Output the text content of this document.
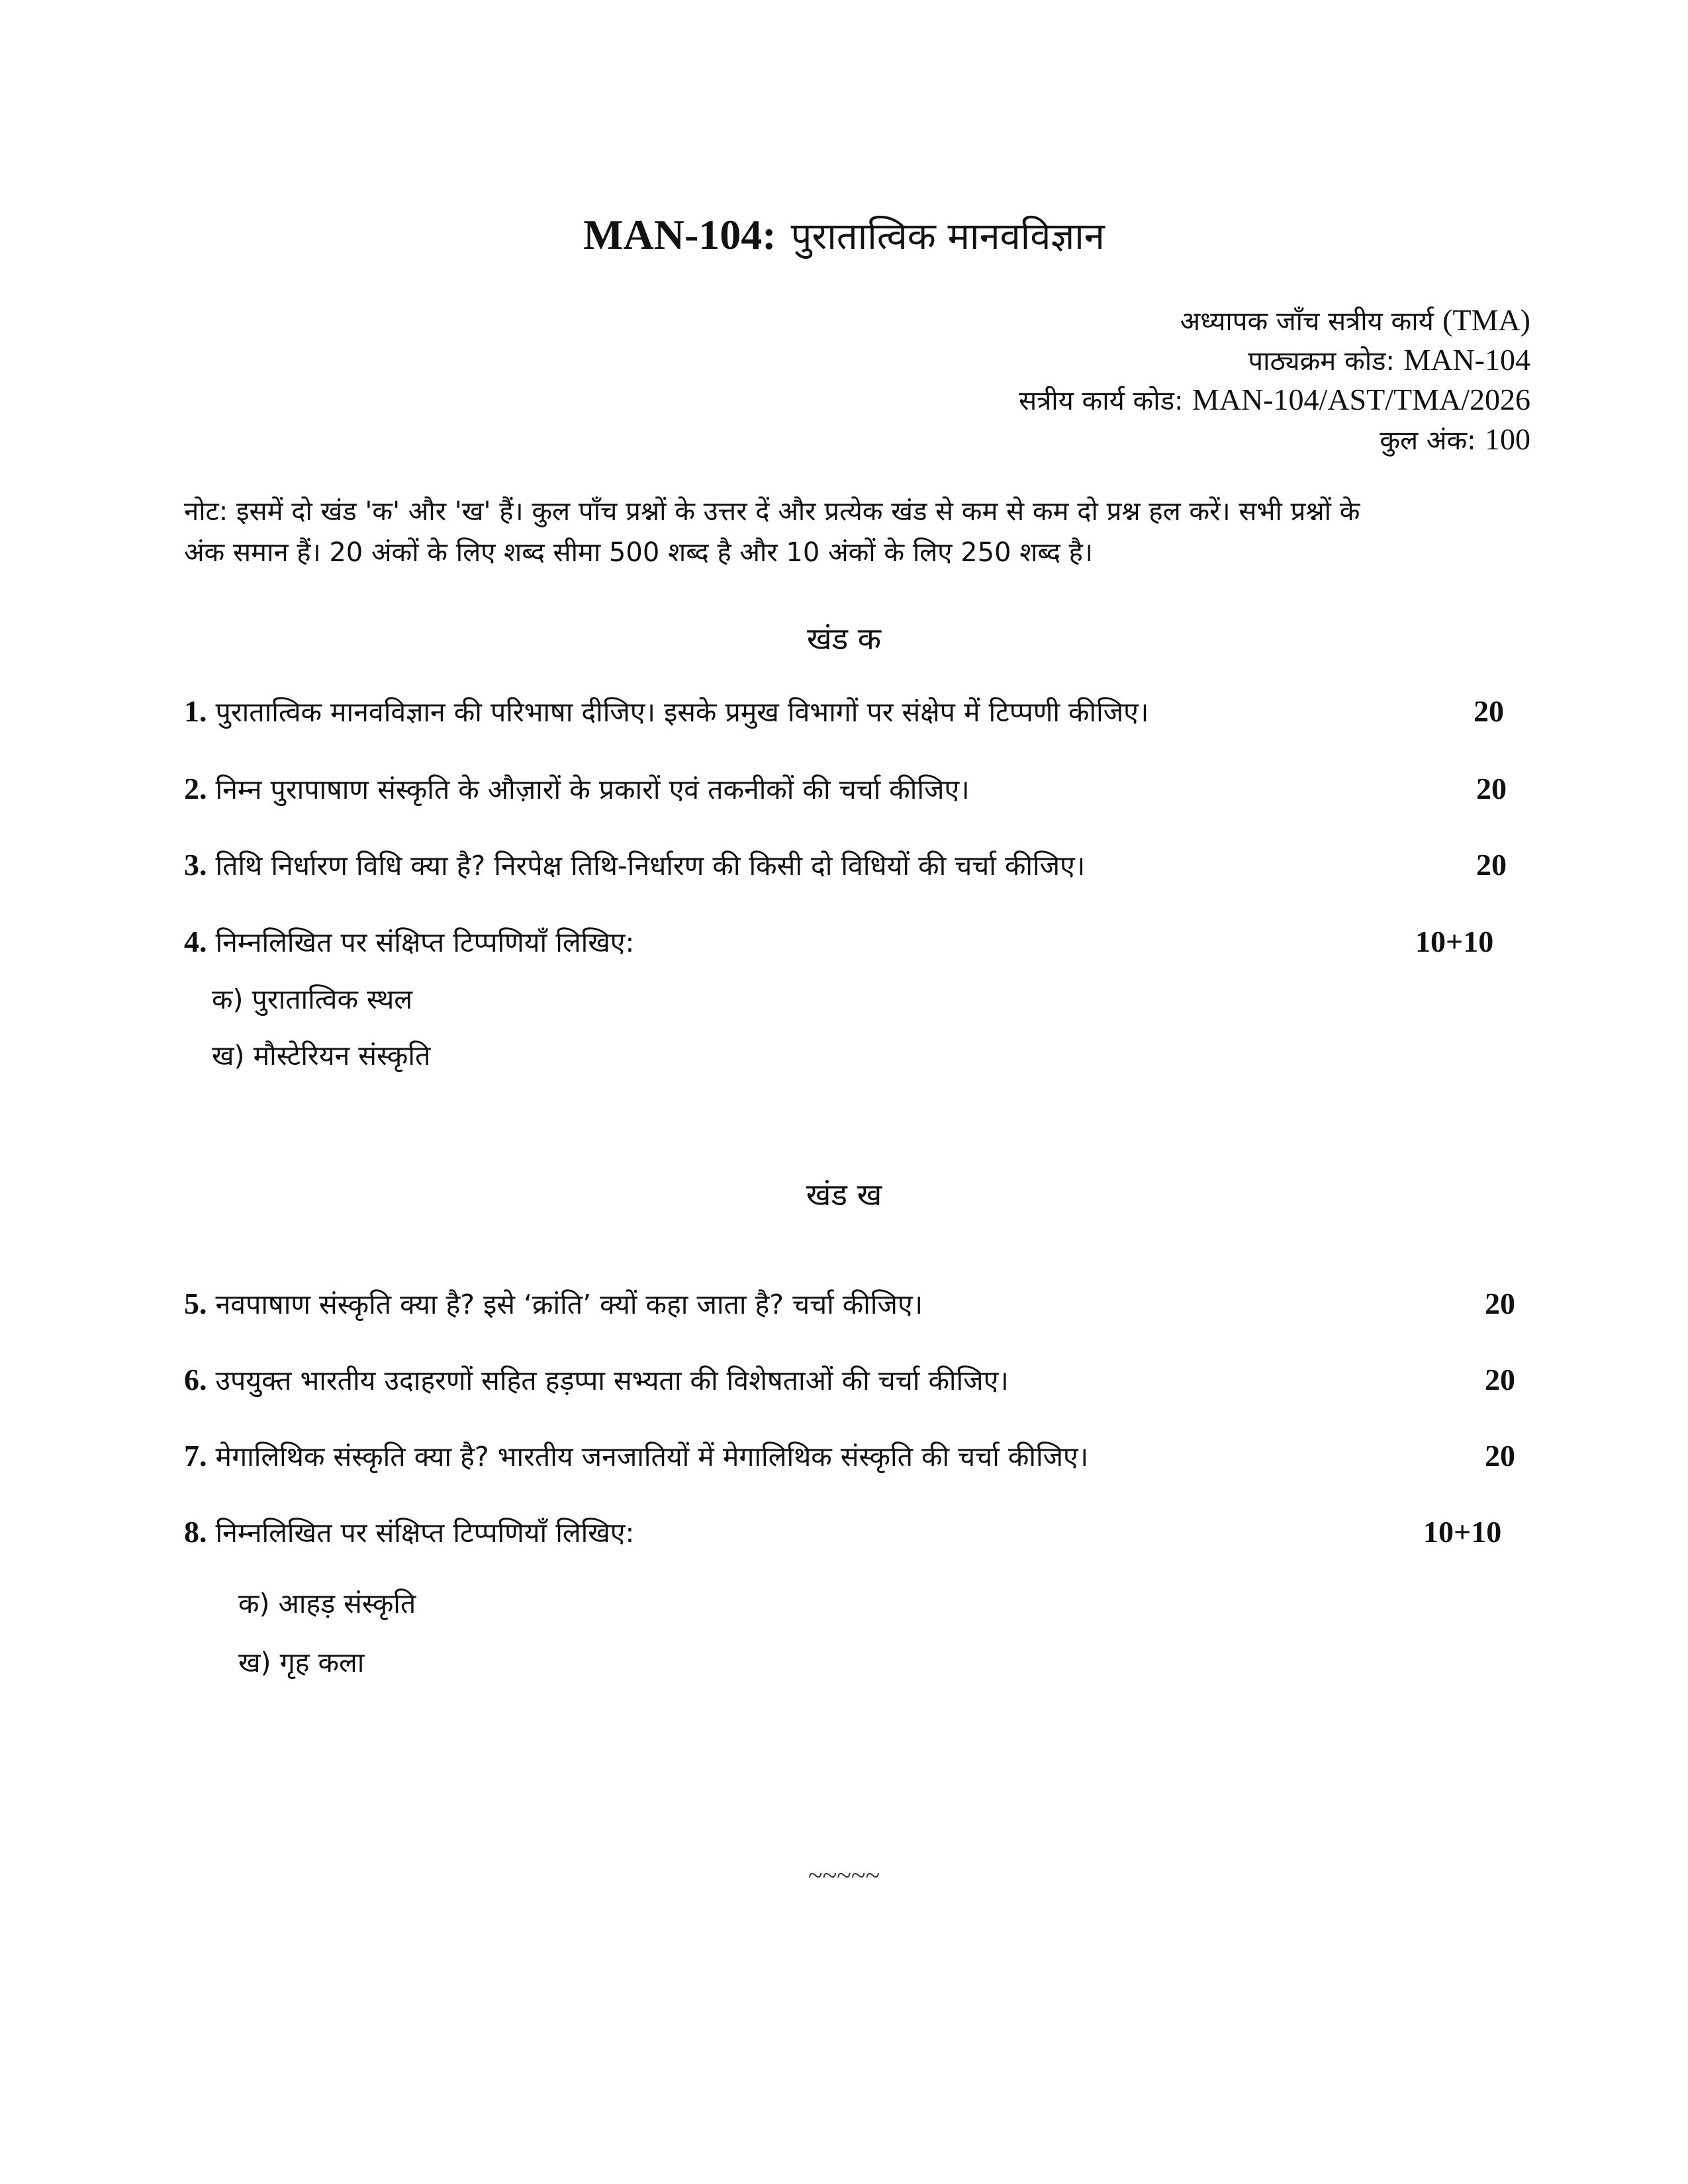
MAN-104: पुरातात्विक मानवविज्ञान
अध्यापक जाँच सत्रीय कार्य (TMA)
पाठ्यक्रम कोड: MAN-104
सत्रीय कार्य कोड: MAN-104/AST/TMA/2026
कुल अंक: 100
नोट: इसमें दो खंड 'क' और 'ख' हैं। कुल पाँच प्रश्नों के उत्तर दें और प्रत्येक खंड से कम से कम दो प्रश्न हल करें। सभी प्रश्नों के
अंक समान हैं। 20 अंकों के लिए शब्द सीमा 500 शब्द है और 10 अंकों के लिए 250 शब्द है।
खंड क
1. पुरातात्विक मानवविज्ञान की परिभाषा दीजिए। इसके प्रमुख विभागों पर संक्षेप में टिप्पणी कीजिए।	20
2. निम्न पुरापाषाण संस्कृति के औज़ारों के प्रकारों एवं तकनीकों की चर्चा कीजिए।	20
3. तिथि निर्धारण विधि क्या है? निरपेक्ष तिथि-निर्धारण की किसी दो विधियों की चर्चा कीजिए।	20
4. निम्नलिखित पर संक्षिप्त टिप्पणियाँ लिखिए:	10+10
क) पुरातात्विक स्थल
ख) मौस्टेरियन संस्कृति
खंड ख
5. नवपाषाण संस्कृति क्या है? इसे ‘क्रांति’ क्यों कहा जाता है? चर्चा कीजिए।	20
6. उपयुक्त भारतीय उदाहरणों सहित हड़प्पा सभ्यता की विशेषताओं की चर्चा कीजिए।	20
7. मेगालिथिक संस्कृति क्या है? भारतीय जनजातियों में मेगालिथिक संस्कृति की चर्चा कीजिए।	20
8. निम्नलिखित पर संक्षिप्त टिप्पणियाँ लिखिए:	10+10
क) आहड़ संस्कृति
ख) गृह कला
~~~~~
